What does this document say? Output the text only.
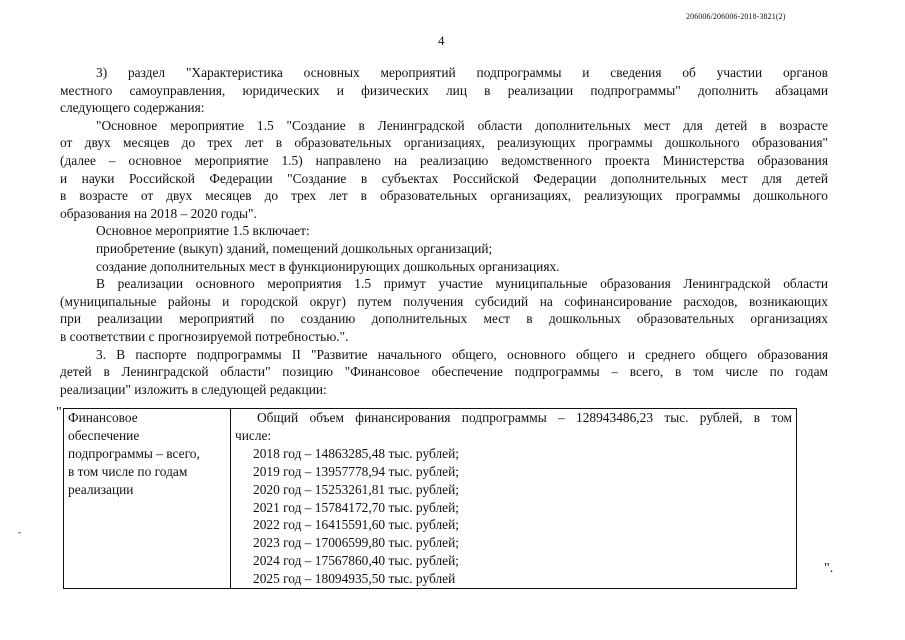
206006/206006-2018-3821(2)
4

3) раздел "Характеристика основных мероприятий подпрограммы и сведения об участии органов

местного самоуправления, юридических и физических лиц в реализации подпрограммы" дополнить абзацами

следующего содержания:

"Основное мероприятие 1.5 "Создание в Ленинградской области дополнительных мест для детей в возрасте

от двух месяцев до трех лет в образовательных организациях, реализующих программы дошкольного образования"

(далее – основное мероприятие 1.5) направлено на реализацию ведомственного проекта Министерства образования

и науки Российской Федерации "Создание в субъектах Российской Федерации дополнительных мест для детей

в возрасте от двух месяцев до трех лет в образовательных организациях, реализующих программы дошкольного

образования на 2018 – 2020 годы".

Основное мероприятие 1.5 включает:

приобретение (выкуп) зданий, помещений дошкольных организаций;

создание дополнительных мест в функционирующих дошкольных организациях.

В реализации основного мероприятия 1.5 примут участие муниципальные образования Ленинградской области

(муниципальные районы и городской округ) путем получения субсидий на софинансирование расходов, возникающих

при реализации мероприятий по созданию дополнительных мест в дошкольных образовательных организациях

в соответствии с прогнозируемой потребностью.".

3. В паспорте подпрограммы II "Развитие начального общего, основного общего и среднего общего образования

детей в Ленинградской области" позицию "Финансовое обеспечение подпрограммы – всего, в том числе по годам

реализации" изложить в следующей редакции:

" Финансовое
обеспечение
подпрограммы – всего,
в том числе по годам
реализации

Общий объем финансирования подпрограммы – 128943486,23 тыс. рублей, в том
числе:
2018 год – 14863285,48 тыс. рублей;
2019 год – 13957778,94 тыс. рублей;
2020 год – 15253261,81 тыс. рублей;
2021 год – 15784172,70 тыс. рублей;
2022 год – 16415591,60 тыс. рублей;
2023 год – 17006599,80 тыс. рублей;
2024 год – 17567860,40 тыс. рублей;
2025 год – 18094935,50 тыс. рублей
".
-
